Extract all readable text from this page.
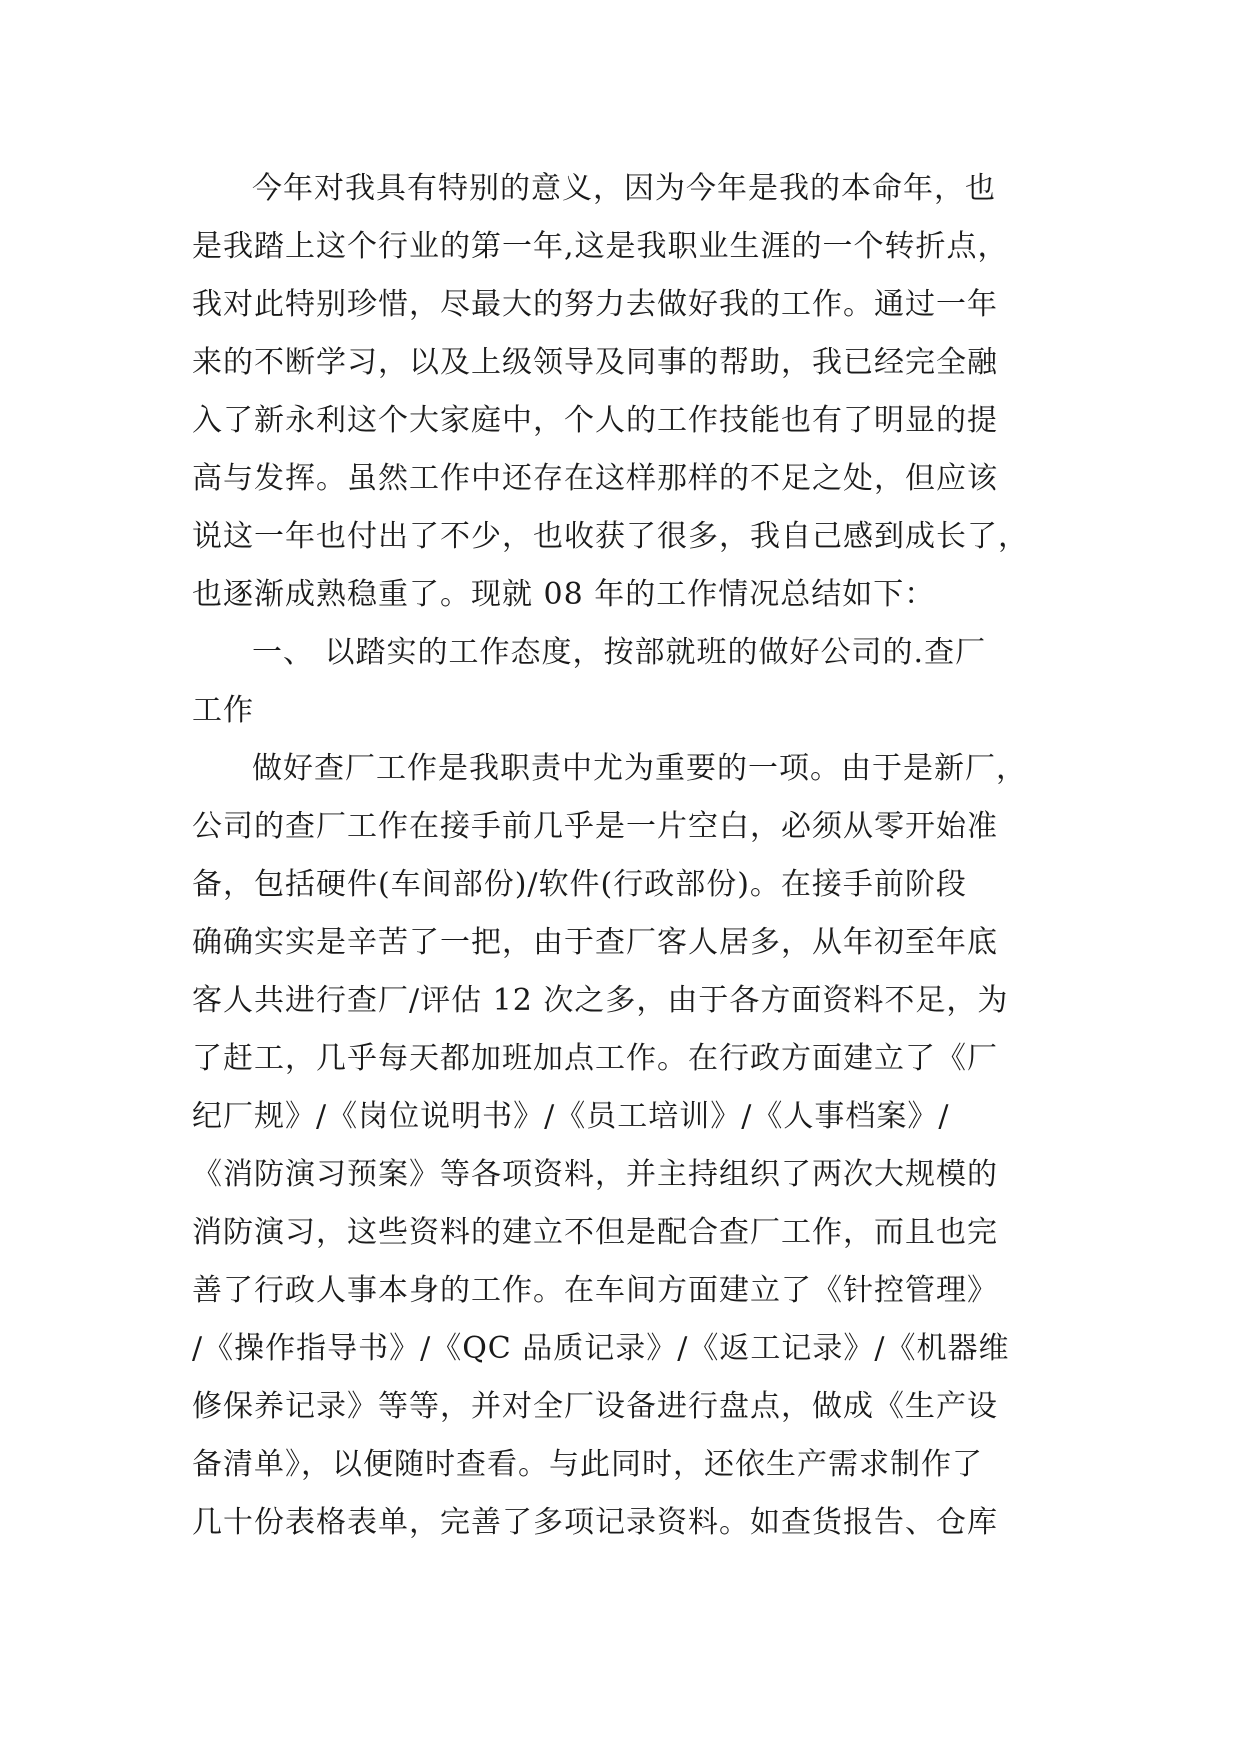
今年对我具有特别的意义，因为今年是我的本命年，也
是我踏上这个行业的第一年,这是我职业生涯的一个转折点，
我对此特别珍惜，尽最大的努力去做好我的工作。通过一年
来的不断学习，以及上级领导及同事的帮助，我已经完全融
入了新永利这个大家庭中，个人的工作技能也有了明显的提
高与发挥。虽然工作中还存在这样那样的不足之处，但应该
说这一年也付出了不少，也收获了很多，我自己感到成长了，
也逐渐成熟稳重了。现就 08 年的工作情况总结如下：
一、 以踏实的工作态度，按部就班的做好公司的.查厂
工作
做好查厂工作是我职责中尤为重要的一项。由于是新厂，
公司的查厂工作在接手前几乎是一片空白，必须从零开始准
备，包括硬件(车间部份)/软件(行政部份)。在接手前阶段
确确实实是辛苦了一把，由于查厂客人居多，从年初至年底
客人共进行查厂/评估 12 次之多，由于各方面资料不足，为
了赶工，几乎每天都加班加点工作。在行政方面建立了《厂
纪厂规》/《岗位说明书》/《员工培训》/《人事档案》/
《消防演习预案》等各项资料，并主持组织了两次大规模的
消防演习，这些资料的建立不但是配合查厂工作，而且也完
善了行政人事本身的工作。在车间方面建立了《针控管理》
/《操作指导书》/《QC 品质记录》/《返工记录》/《机器维
修保养记录》等等，并对全厂设备进行盘点，做成《生产设
备清单》，以便随时查看。与此同时，还依生产需求制作了
几十份表格表单，完善了多项记录资料。如查货报告、仓库
